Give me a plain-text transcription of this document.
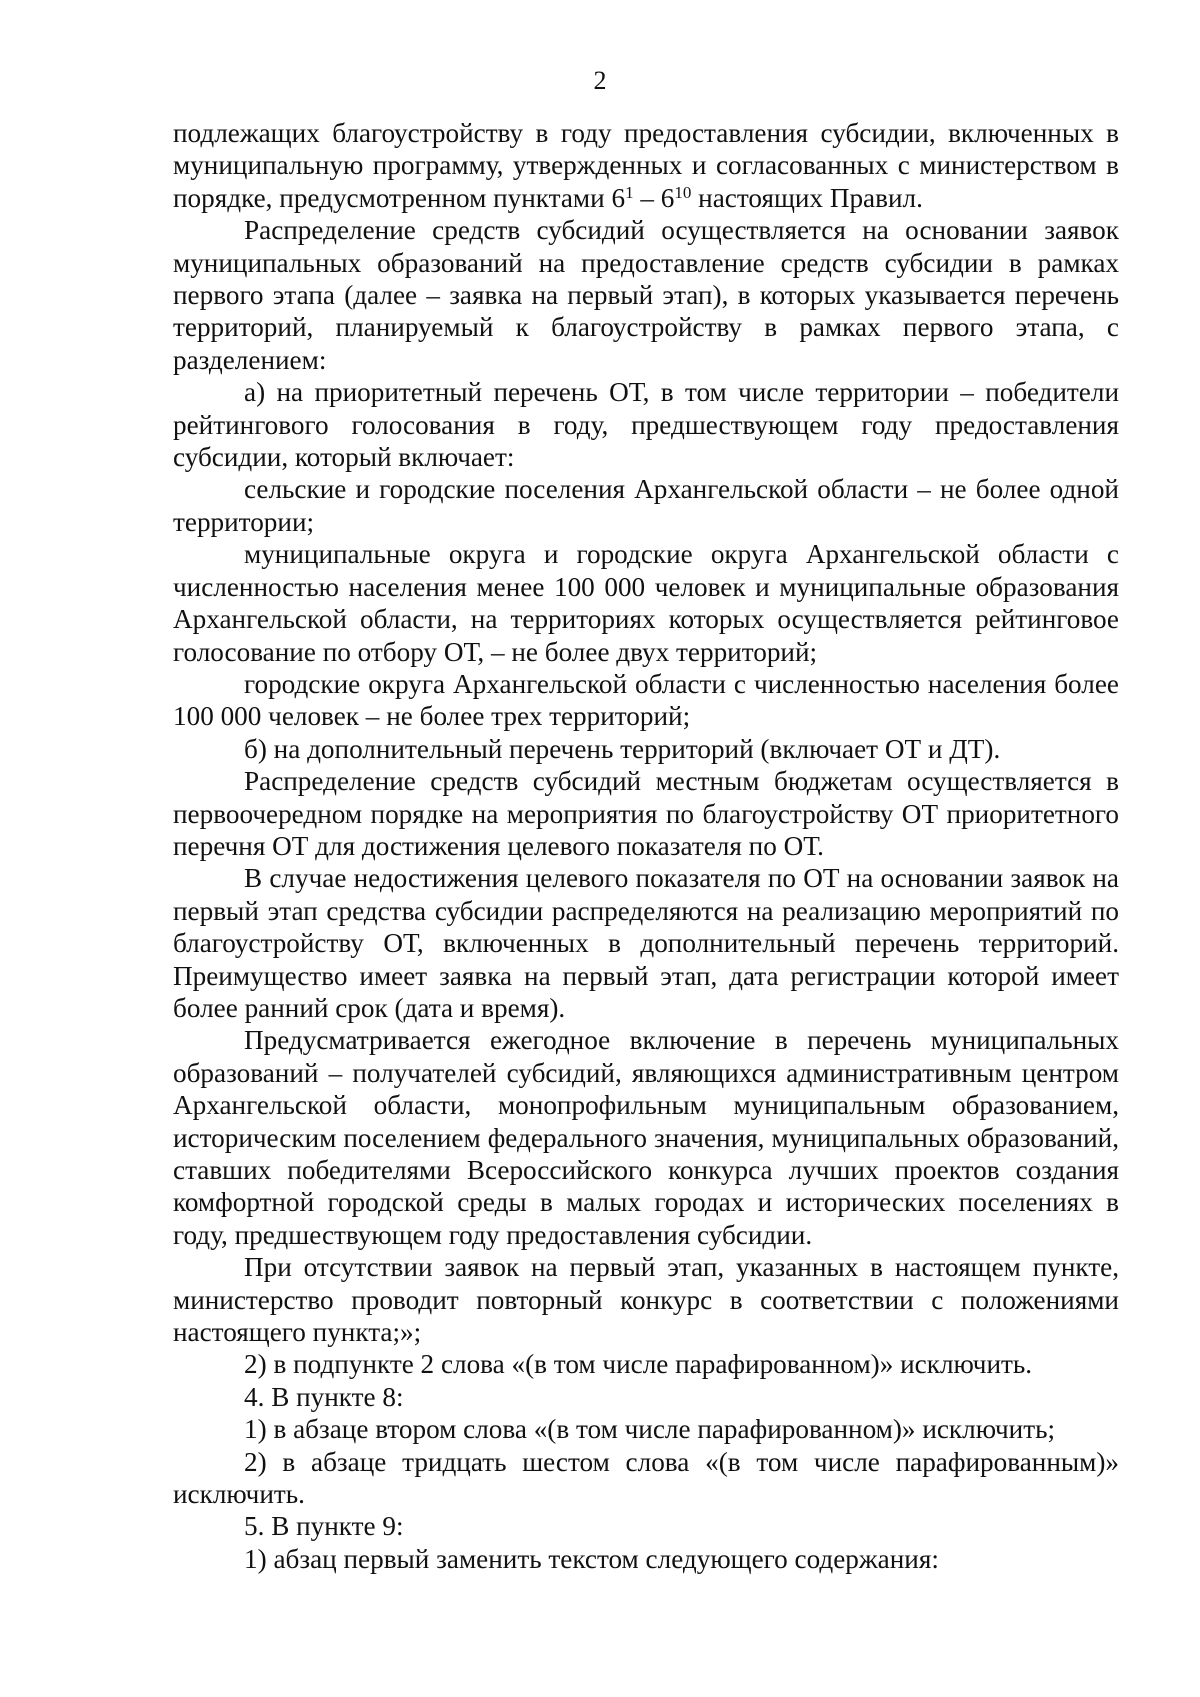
2

подлежащих благоустройству в году предоставления субсидии, включенных в муниципальную программу, утвержденных и согласованных с министерством в порядке, предусмотренном пунктами $6^1 - 6^{10}$ настоящих Правил.

Распределение средств субсидий осуществляется на основании заявок муниципальных образований на предоставление средств субсидии в рамках первого этапа (далее – заявка на первый этап), в которых указывается перечень территорий, планируемый к благоустройству в рамках первого этапа, с разделением:

а) на приоритетный перечень ОТ, в том числе территории – победители рейтингового голосования в году, предшествующем году предоставления субсидии, который включает:

сельские и городские поселения Архангельской области – не более одной территории;

муниципальные округа и городские округа Архангельской области с численностью населения менее 100 000 человек и муниципальные образования Архангельской области, на территориях которых осуществляется рейтинговое голосование по отбору ОТ, – не более двух территорий;

городские округа Архангельской области с численностью населения более 100 000 человек – не более трех территорий;

б) на дополнительный перечень территорий (включает ОТ и ДТ).

Распределение средств субсидий местным бюджетам осуществляется в первоочередном порядке на мероприятия по благоустройству ОТ приоритетного перечня ОТ для достижения целевого показателя по ОТ.

В случае недостижения целевого показателя по ОТ на основании заявок на первый этап средства субсидии распределяются на реализацию мероприятий по благоустройству ОТ, включенных в дополнительный перечень территорий. Преимущество имеет заявка на первый этап, дата регистрации которой имеет более ранний срок (дата и время).

Предусматривается ежегодное включение в перечень муниципальных образований – получателей субсидий, являющихся административным центром Архангельской области, монопрофильным муниципальным образованием, историческим поселением федерального значения, муниципальных образований, ставших победителями Всероссийского конкурса лучших проектов создания комфортной городской среды в малых городах и исторических поселениях в году, предшествующем году предоставления субсидии.

При отсутствии заявок на первый этап, указанных в настоящем пункте, министерство проводит повторный конкурс в соответствии с положениями настоящего пункта;»;

2) в подпункте 2 слова «(в том числе парафированном)» исключить.

4. В пункте 8:

1) в абзаце втором слова «(в том числе парафированном)» исключить;

2) в абзаце тридцать шестом слова «(в том числе парафированным)» исключить.

5. В пункте 9:

1) абзац первый заменить текстом следующего содержания:
